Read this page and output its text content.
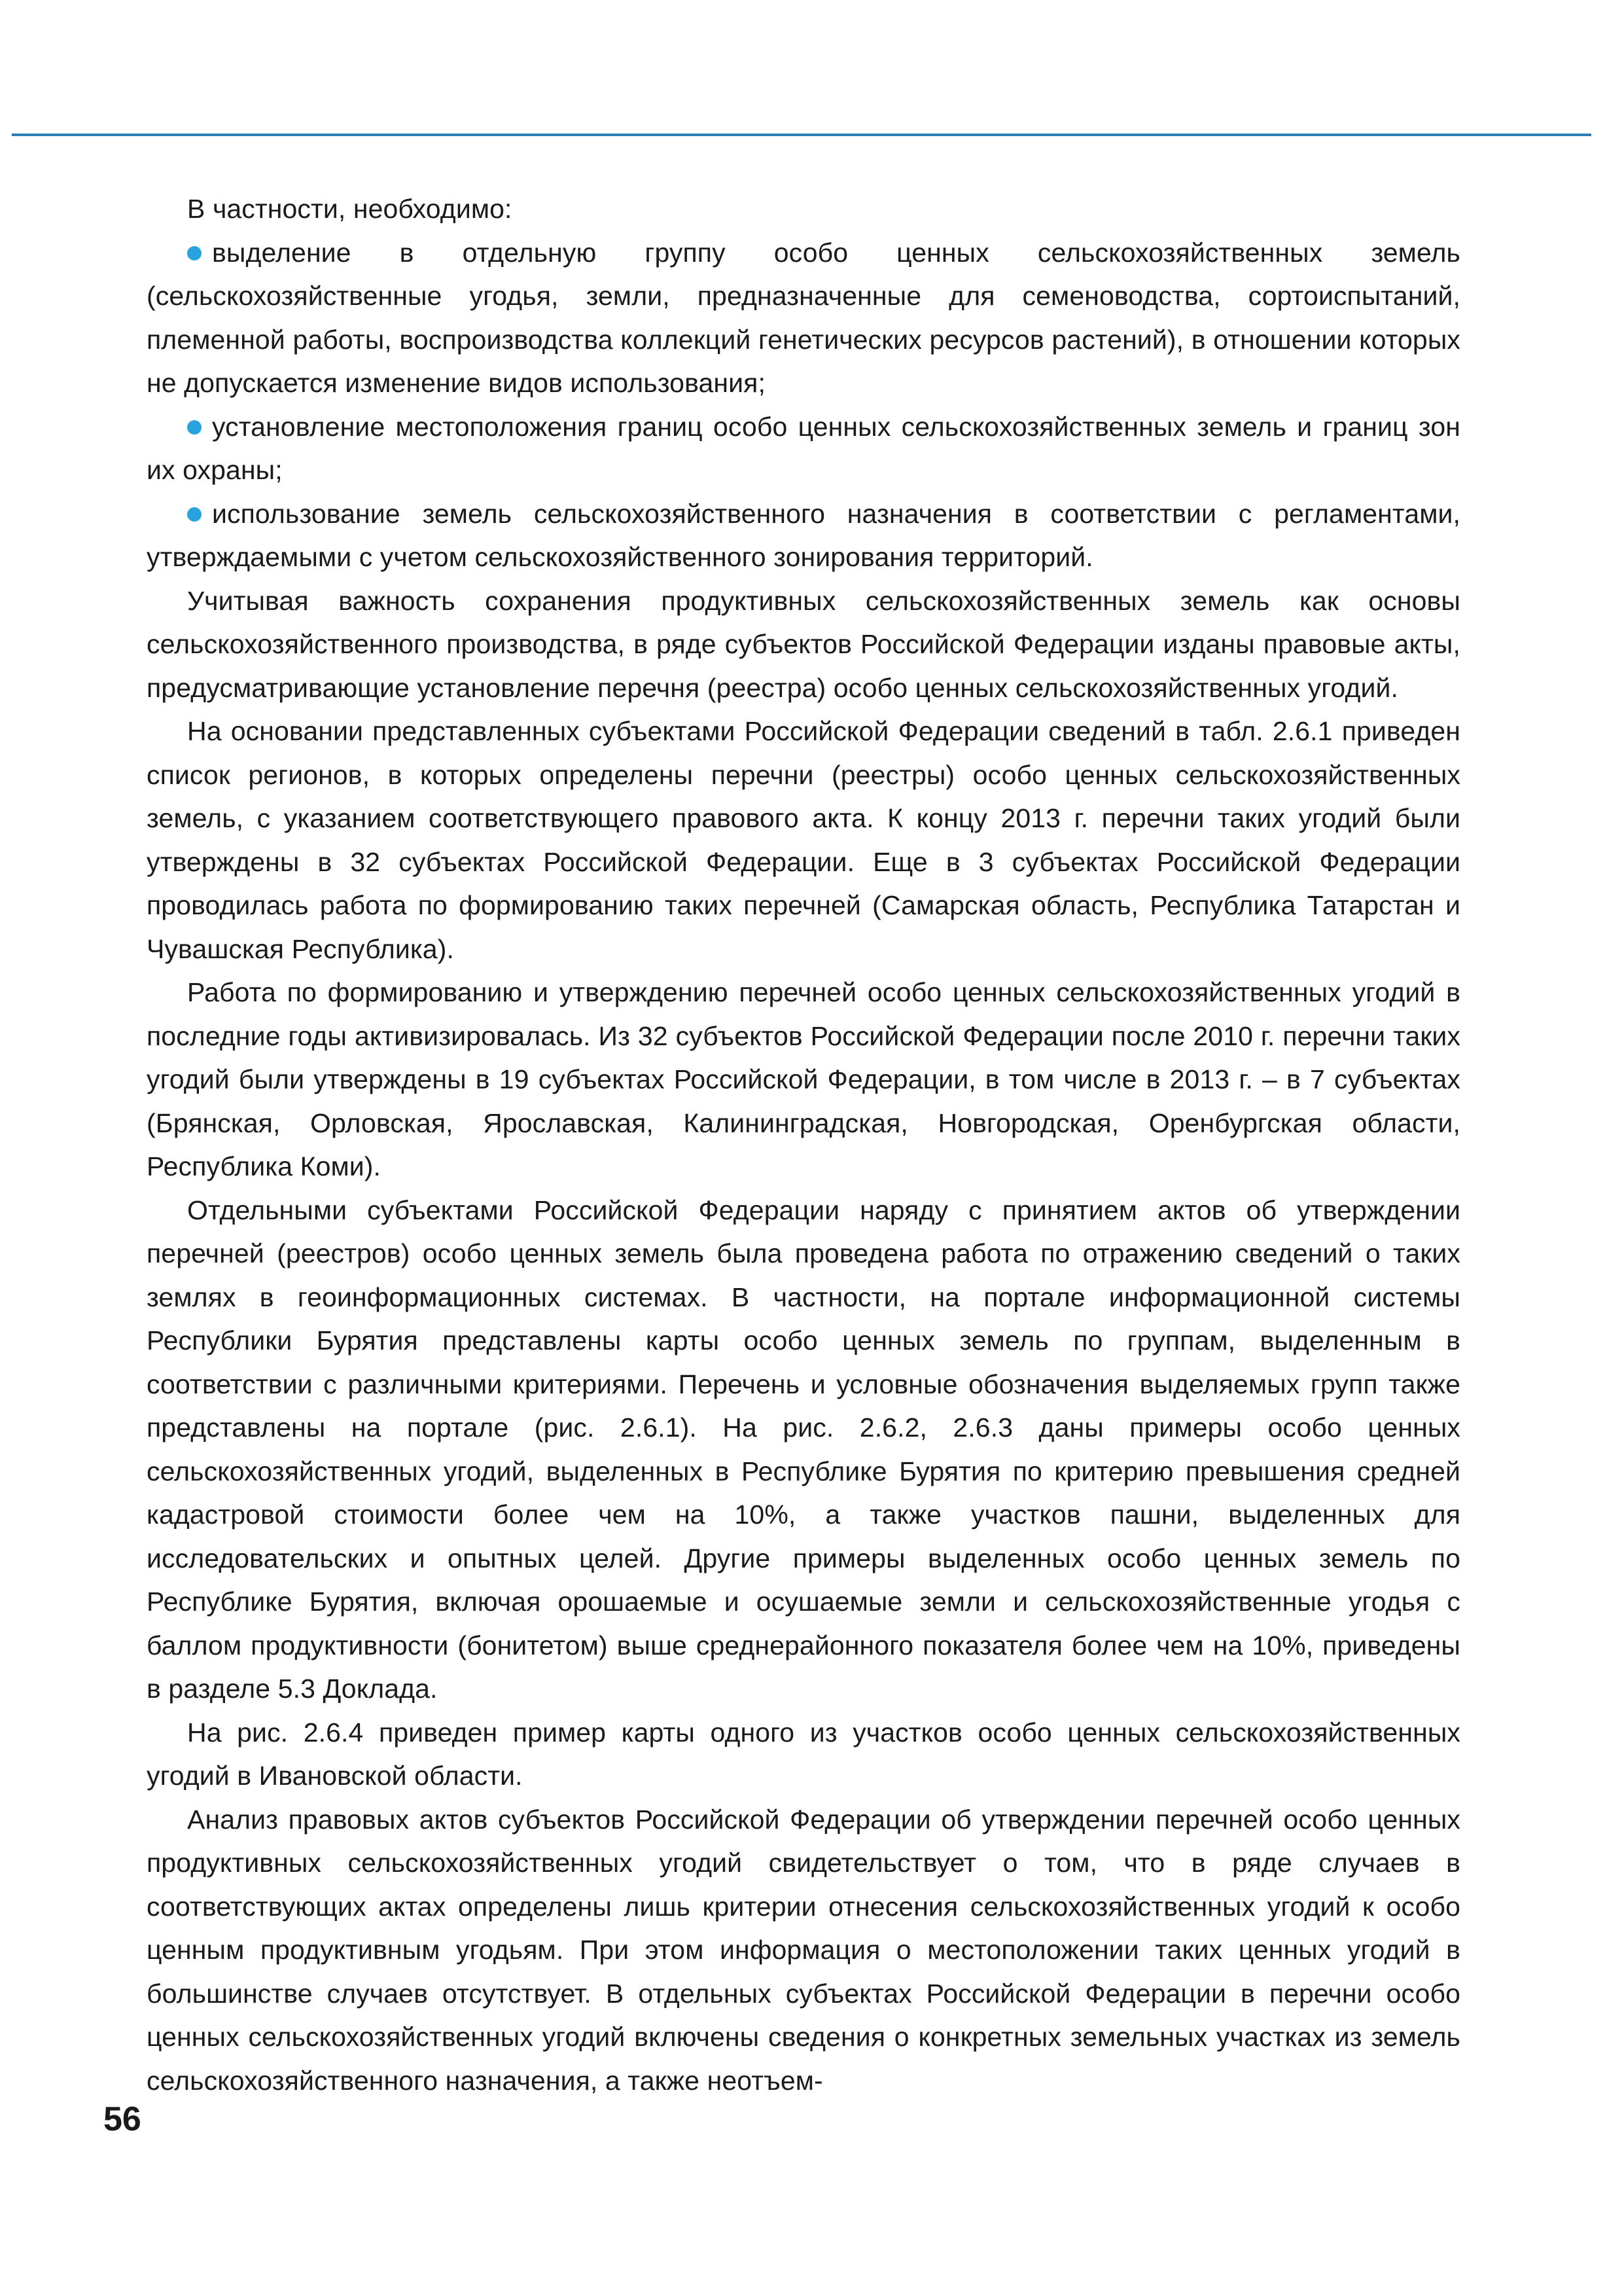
В частности, необходимо:

выделение в отдельную группу особо ценных сельскохозяйственных земель (сельскохозяйственные угодья, земли, предназначенные для семеноводства, сортоиспытаний, племенной работы, воспроизводства коллекций генетических ресурсов растений), в отношении которых не допускается изменение видов использования;

установление местоположения границ особо ценных сельскохозяйственных земель и границ зон их охраны;

использование земель сельскохозяйственного назначения в соответствии с регламентами, утверждаемыми с учетом сельскохозяйственного зонирования территорий.

Учитывая важность сохранения продуктивных сельскохозяйственных земель как основы сельскохозяйственного производства, в ряде субъектов Российской Федерации изданы правовые акты, предусматривающие установление перечня (реестра) особо ценных сельскохозяйственных угодий.

На основании представленных субъектами Российской Федерации сведений в табл. 2.6.1 приведен список регионов, в которых определены перечни (реестры) особо ценных сельскохозяйственных земель, с указанием соответствующего правового акта. К концу 2013 г. перечни таких угодий были утверждены в 32 субъектах Российской Федерации. Еще в 3 субъектах Российской Федерации проводилась работа по формированию таких перечней (Самарская область, Республика Татарстан и Чувашская Республика).

Работа по формированию и утверждению перечней особо ценных сельскохозяйственных угодий в последние годы активизировалась. Из 32 субъектов Российской Федерации после 2010 г. перечни таких угодий были утверждены в 19 субъектах Российской Федерации, в том числе в 2013 г. – в 7 субъектах (Брянская, Орловская, Ярославская, Калининградская, Новгородская, Оренбургская области, Республика Коми).

Отдельными субъектами Российской Федерации наряду с принятием актов об утверждении перечней (реестров) особо ценных земель была проведена работа по отражению сведений о таких землях в геоинформационных системах. В частности, на портале информационной системы Республики Бурятия представлены карты особо ценных земель по группам, выделенным в соответствии с различными критериями. Перечень и условные обозначения выделяемых групп также представлены на портале (рис. 2.6.1). На рис. 2.6.2, 2.6.3 даны примеры особо ценных сельскохозяйственных угодий, выделенных в Республике Бурятия по критерию превышения средней кадастровой стоимости более чем на 10%, а также участков пашни, выделенных для исследовательских и опытных целей. Другие примеры выделенных особо ценных земель по Республике Бурятия, включая орошаемые и осушаемые земли и сельскохозяйственные угодья с баллом продуктивности (бонитетом) выше среднерайонного показателя более чем на 10%, приведены в разделе 5.3 Доклада.

На рис. 2.6.4 приведен пример карты одного из участков особо ценных сельскохозяйственных угодий в Ивановской области.

Анализ правовых актов субъектов Российской Федерации об утверждении перечней особо ценных продуктивных сельскохозяйственных угодий свидетельствует о том, что в ряде случаев в соответствующих актах определены лишь критерии отнесения сельскохозяйственных угодий к особо ценным продуктивным угодьям. При этом информация о местоположении таких ценных угодий в большинстве случаев отсутствует. В отдельных субъектах Российской Федерации в перечни особо ценных сельскохозяйственных угодий включены сведения о конкретных земельных участках из земель сельскохозяйственного назначения, а также неотъем-

56
